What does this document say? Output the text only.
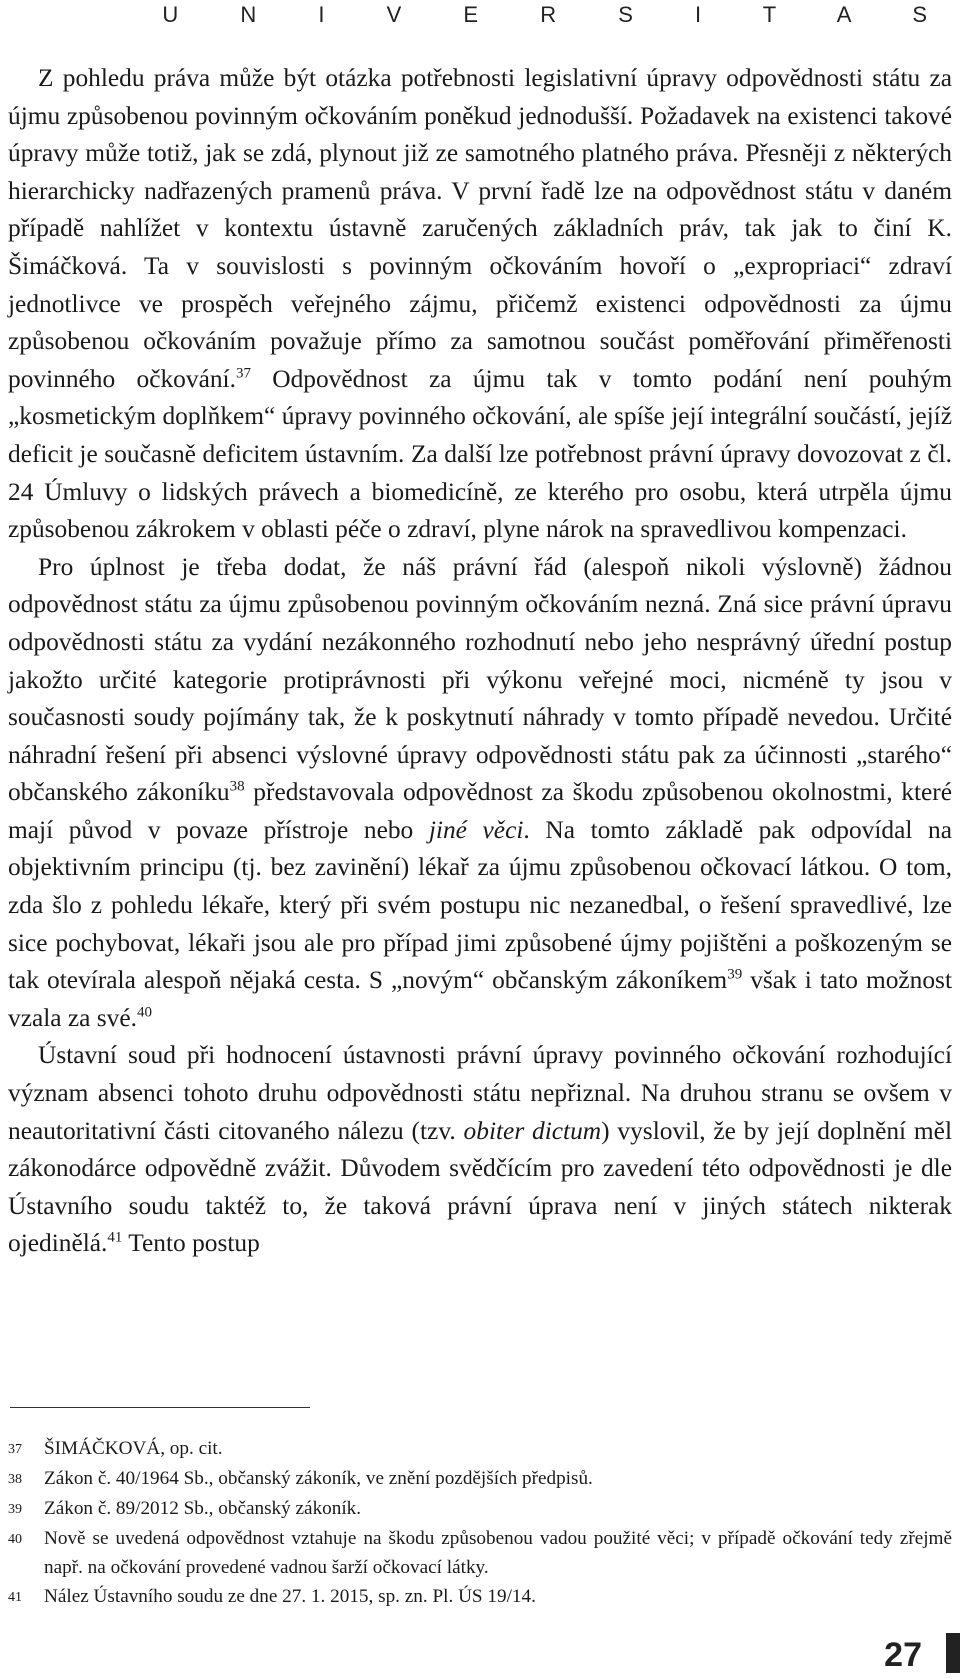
U N I V E R S I T A S

Z pohledu práva může být otázka potřebnosti legislativní úpravy odpovědnosti státu za újmu způsobenou povinným očkováním poněkud jednodušší. Požadavek na existenci takové úpravy může totiž, jak se zdá, plynout již ze samotného platného práva. Přesněji z některých hierarchicky nadřazených pramenů práva. V první řadě lze na odpovědnost státu v daném případě nahlížet v kontextu ústavně zaručených základních práv, tak jak to činí K. Šimáčková. Ta v souvislosti s povinným očkováním hovoří o „expropriaci“ zdraví jednotlivce ve prospěch veřejného zájmu, přičemž existenci odpovědnosti za újmu způsobenou očkováním považuje přímo za samotnou součást poměřování přiměřenosti povinného očkování.$^{37}$ Odpovědnost za újmu tak v tomto podání není pouhým „kosmetickým doplňkem“ úpravy povinného očkování, ale spíše její integrální součástí, jejíž deficit je současně deficitem ústavním. Za další lze potřebnost právní úpravy dovozovat z čl. 24 Úmluvy o lidských právech a biomedicíně, ze kterého pro osobu, která utrpěla újmu způsobenou zákrokem v oblasti péče o zdraví, plyne nárok na spravedlivou kompenzaci.

Pro úplnost je třeba dodat, že náš právní řád (alespoň nikoli výslovně) žádnou odpovědnost státu za újmu způsobenou povinným očkováním nezná. Zná sice právní úpravu odpovědnosti státu za vydání nezákonného rozhodnutí nebo jeho nesprávný úřední postup jakožto určité kategorie protiprávnosti při výkonu veřejné moci, nicméně ty jsou v současnosti soudy pojímány tak, že k poskytnutí náhrady v tomto případě nevedou. Určité náhradní řešení při absenci výslovné úpravy odpovědnosti státu pak za účinnosti „starého“ občanského zákoníku$^{38}$ představovala odpovědnost za škodu způsobenou okolnostmi, které mají původ v povaze přístroje nebo jiné věci. Na tomto základě pak odpovídal na objektivním principu (tj. bez zavinění) lékař za újmu způsobenou očkovací látkou. O tom, zda šlo z pohledu lékaře, který při svém postupu nic nezanedbal, o řešení spravedlivé, lze sice pochybovat, lékaři jsou ale pro případ jimi způsobené újmy pojištěni a poškozeným se tak otevírala alespoň nějaká cesta. S „novým“ občanským zákoníkem$^{39}$ však i tato možnost vzala za své.$^{40}$

Ústavní soud při hodnocení ústavnosti právní úpravy povinného očkování rozhodující význam absenci tohoto druhu odpovědnosti státu nepřiznal. Na druhou stranu se ovšem v neautoritativní části citovaného nálezu (tzv. obiter dictum) vyslovil, že by její doplnění měl zákonodárce odpovědně zvážit. Důvodem svědčícím pro zavedení této odpovědnosti je dle Ústavního soudu taktéž to, že taková právní úprava není v jiných státech nikterak ojedinělá.$^{41}$ Tento postup

37	ŠIMÁČKOVÁ, op. cit.
38	Zákon č. 40/1964 Sb., občanský zákoník, ve znění pozdějších předpisů.
39	Zákon č. 89/2012 Sb., občanský zákoník.
40	Nově se uvedená odpovědnost vztahuje na škodu způsobenou vadou použité věci; v případě očkování tedy zřejmě např. na očkování provedené vadnou šarží očkovací látky.
41	Nález Ústavního soudu ze dne 27. 1. 2015, sp. zn. Pl. ÚS 19/14.
27
